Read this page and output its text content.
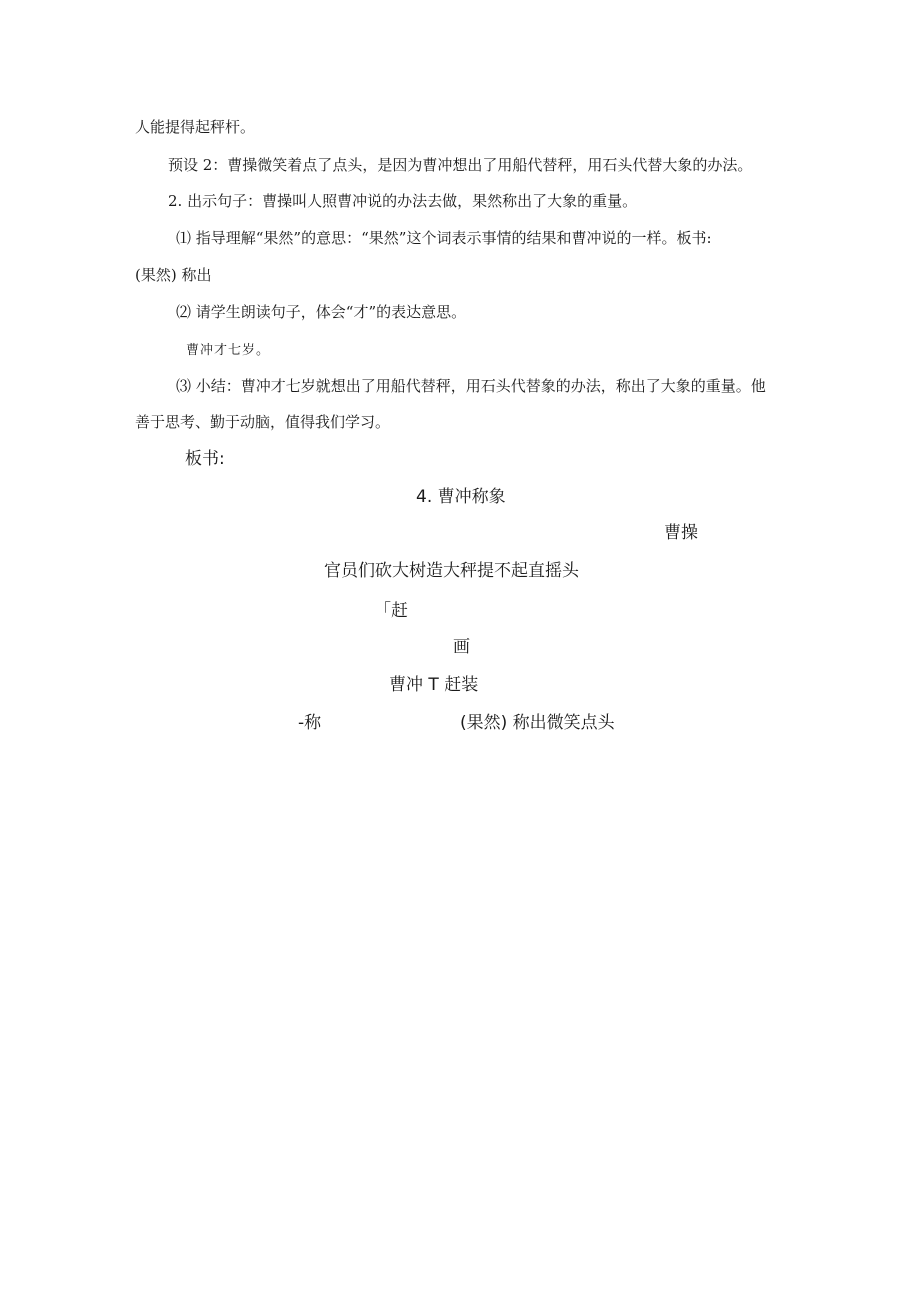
人能提得起秤杆。
预设 2：曹操微笑着点了点头，是因为曹冲想出了用船代替秤，用石头代替大象的办法。
2. 出示句子：曹操叫人照曹冲说的办法去做，果然称出了大象的重量。
⑴ 指导理解“果然”的意思：“果然”这个词表示事情的结果和曹冲说的一样。板书:
(果然) 称出
⑵ 请学生朗读句子，体会“才”的表达意思。
曹冲才七岁。
⑶ 小结：曹冲才七岁就想出了用船代替秤，用石头代替象的办法，称出了大象的重量。他
善于思考、勤于动脑，值得我们学习。
板书:
4. 曹冲称象
曹操
官员们砍大树造大秤提不起直摇头
「赶
画
曹冲 T 赶装
-称	(果然) 称出微笑点头
